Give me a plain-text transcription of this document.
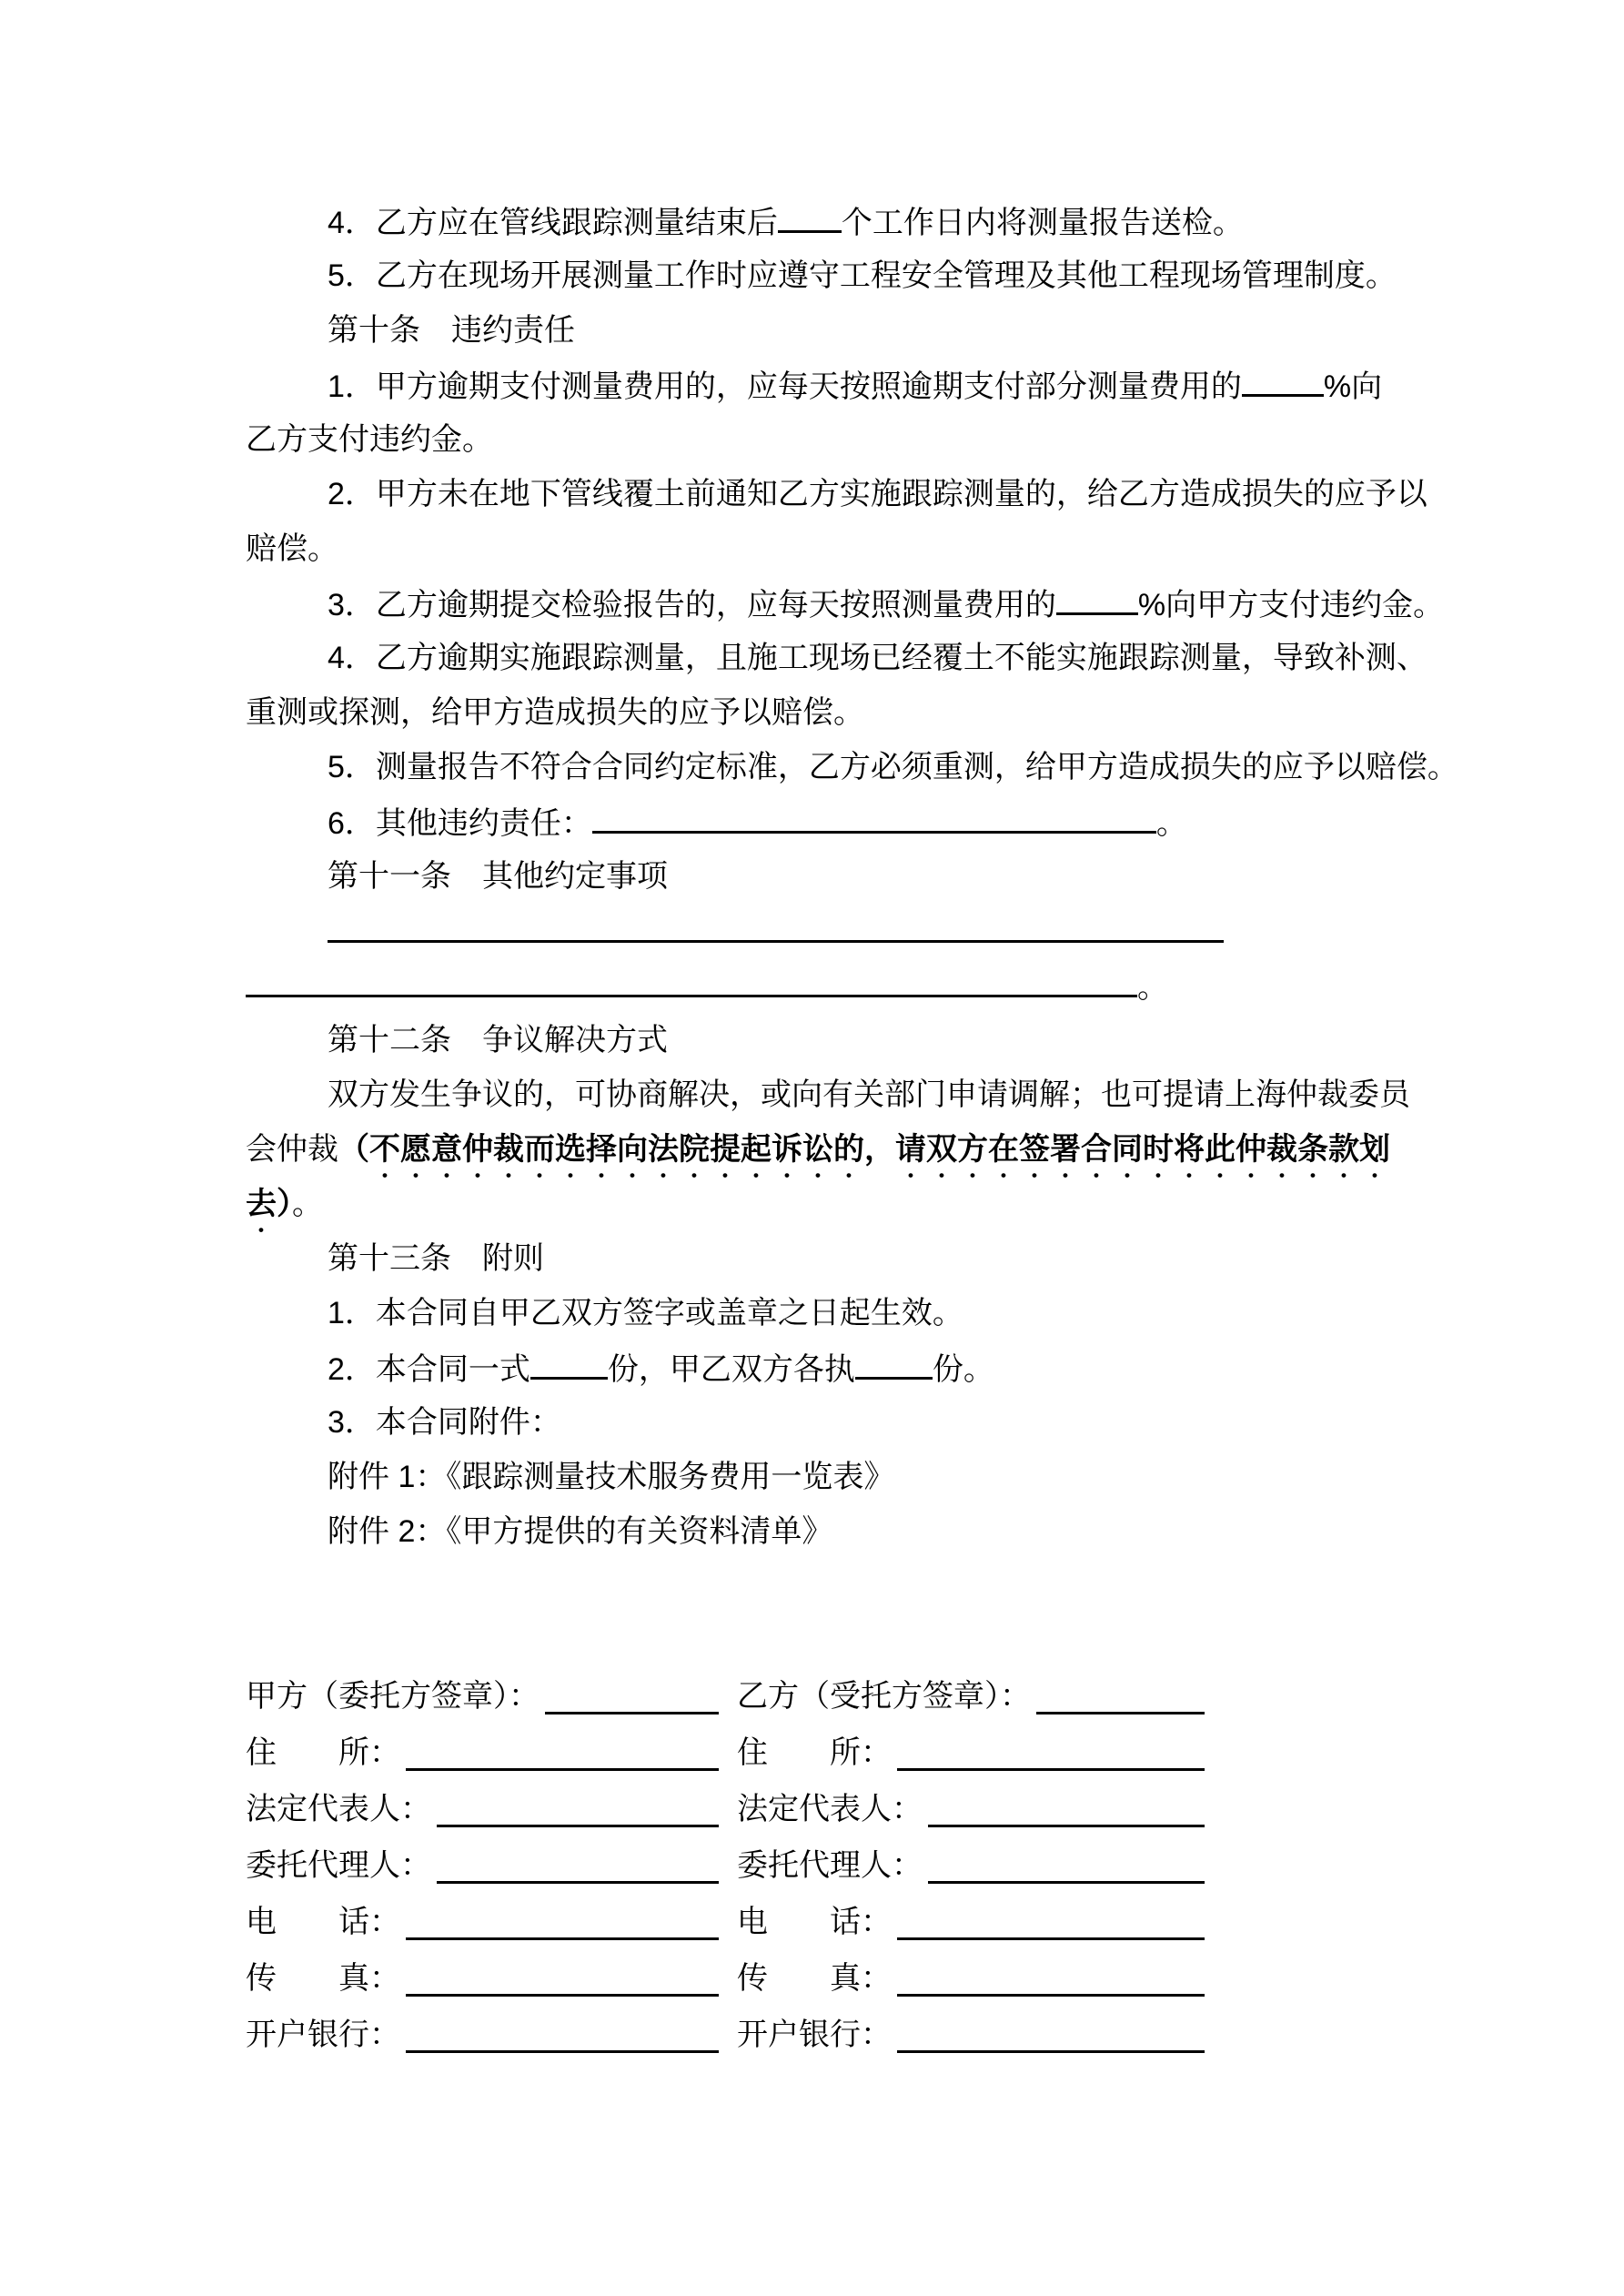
4．乙方应在管线跟踪测量结束后 个工作日内将测量报告送检。
5．乙方在现场开展测量工作时应遵守工程安全管理及其他工程现场管理制度。
第十条　违约责任
1．甲方逾期支付测量费用的，应每天按照逾期支付部分测量费用的	%向
乙方支付违约金。
2．甲方未在地下管线覆土前通知乙方实施跟踪测量的，给乙方造成损失的应予以
赔偿。
3．乙方逾期提交检验报告的，应每天按照测量费用的	%向甲方支付违约金。
4．乙方逾期实施跟踪测量，且施工现场已经覆土不能实施跟踪测量，导致补测、
重测或探测，给甲方造成损失的应予以赔偿。
5．测量报告不符合合同约定标准，乙方必须重测，给甲方造成损失的应予以赔偿。
6．其他违约责任：	。
第十一条　其他约定事项
。
第十二条　争议解决方式
双方发生争议的，可协商解决，或向有关部门申请调解；也可提请上海仲裁委员
会仲裁（不愿意仲裁而选择向法院提起诉讼的，请双方在签署合同时将此仲裁条款划
去）。
第十三条　附则
1．本合同自甲乙双方签字或盖章之日起生效。
2．本合同一式	份，甲乙双方各执	份。
3．本合同附件：
附件 1：《跟踪测量技术服务费用一览表》
附件 2：《甲方提供的有关资料清单》
甲方（委托方签章）：	乙方（受托方签章）：
住　　所：	住　　所：
法定代表人：	法定代表人：
委托代理人：	委托代理人：
电　　话：	电　　话：
传　　真：	传　　真：
开户银行：	开户银行：
